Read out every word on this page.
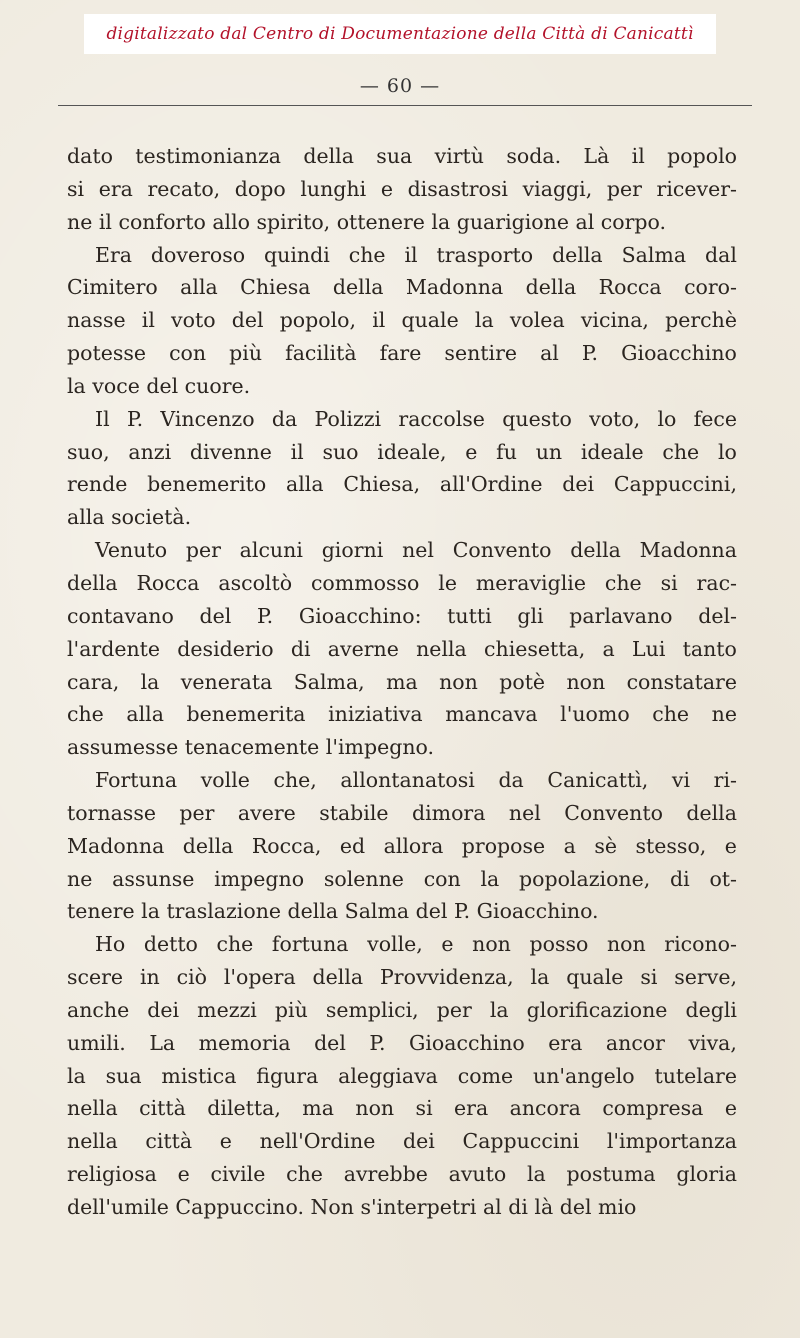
digitalizzato dal Centro di Documentazione della Città di Canicattì
— 60 —
dato testimonianza della sua virtù soda. Là il popolo
si era recato, dopo lunghi e disastrosi viaggi, per ricever-
ne il conforto allo spirito, ottenere la guarigione al corpo.
Era doveroso quindi che il trasporto della Salma dal
Cimitero alla Chiesa della Madonna della Rocca coro-
nasse il voto del popolo, il quale la volea vicina, perchè
potesse con più facilità fare sentire al P. Gioacchino
la voce del cuore.
Il P. Vincenzo da Polizzi raccolse questo voto, lo fece
suo, anzi divenne il suo ideale, e fu un ideale che lo
rende benemerito alla Chiesa, all'Ordine dei Cappuccini,
alla società.
Venuto per alcuni giorni nel Convento della Madonna
della Rocca ascoltò commosso le meraviglie che si rac-
contavano del P. Gioacchino: tutti gli parlavano del-
l'ardente desiderio di averne nella chiesetta, a Lui tanto
cara, la venerata Salma, ma non potè non constatare
che alla benemerita iniziativa mancava l'uomo che ne
assumesse tenacemente l'impegno.
Fortuna volle che, allontanatosi da Canicattì, vi ri-
tornasse per avere stabile dimora nel Convento della
Madonna della Rocca, ed allora propose a sè stesso, e
ne assunse impegno solenne con la popolazione, di ot-
tenere la traslazione della Salma del P. Gioacchino.
Ho detto che fortuna volle, e non posso non ricono-
scere in ciò l'opera della Provvidenza, la quale si serve,
anche dei mezzi più semplici, per la glorificazione degli
umili. La memoria del P. Gioacchino era ancor viva,
la sua mistica figura aleggiava come un'angelo tutelare
nella città diletta, ma non si era ancora compresa e
nella città e nell'Ordine dei Cappuccini l'importanza
religiosa e civile che avrebbe avuto la postuma gloria
dell'umile Cappuccino. Non s'interpetri al di là del mio
